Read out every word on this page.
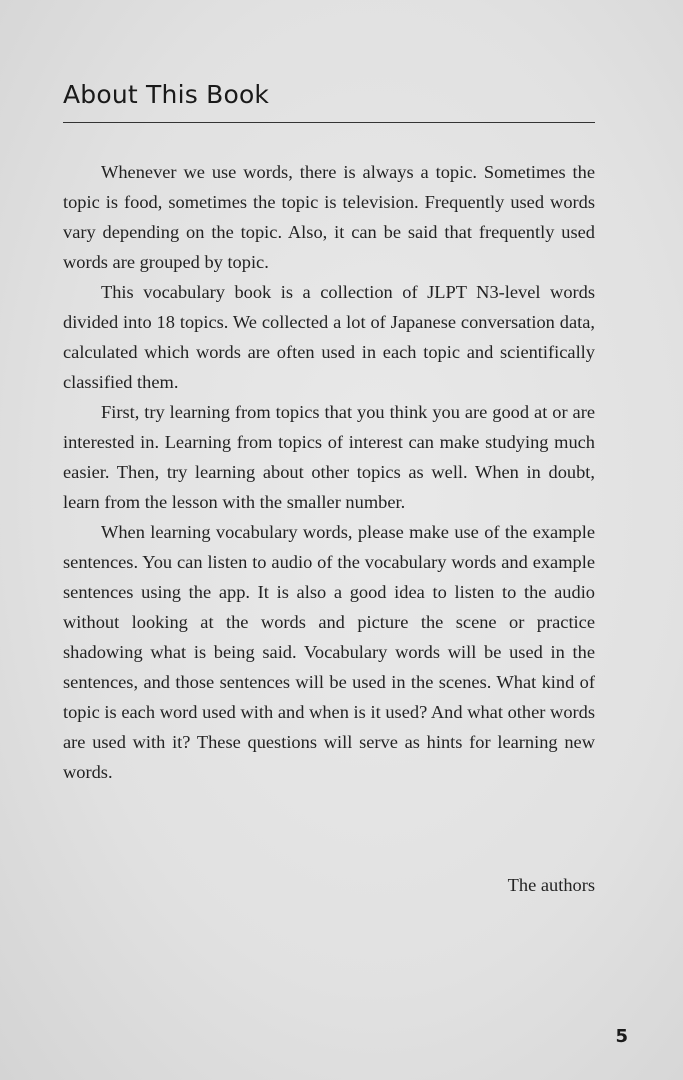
About This Book

Whenever we use words, there is always a topic. Sometimes the topic is food, sometimes the topic is television. Frequently used words vary depending on the topic. Also, it can be said that frequently used words are grouped by topic.

This vocabulary book is a collection of JLPT N3-level words divided into 18 topics. We collected a lot of Japanese conversation data, calculated which words are often used in each topic and scientifically classified them.

First, try learning from topics that you think you are good at or are interested in. Learning from topics of interest can make studying much easier. Then, try learning about other topics as well. When in doubt, learn from the lesson with the smaller number.

When learning vocabulary words, please make use of the example sentences. You can listen to audio of the vocabulary words and example sentences using the app. It is also a good idea to listen to the audio without looking at the words and picture the scene or practice shadowing what is being said. Vocabulary words will be used in the sentences, and those sentences will be used in the scenes. What kind of topic is each word used with and when is it used? And what other words are used with it? These questions will serve as hints for learning new words.

The authors
5
